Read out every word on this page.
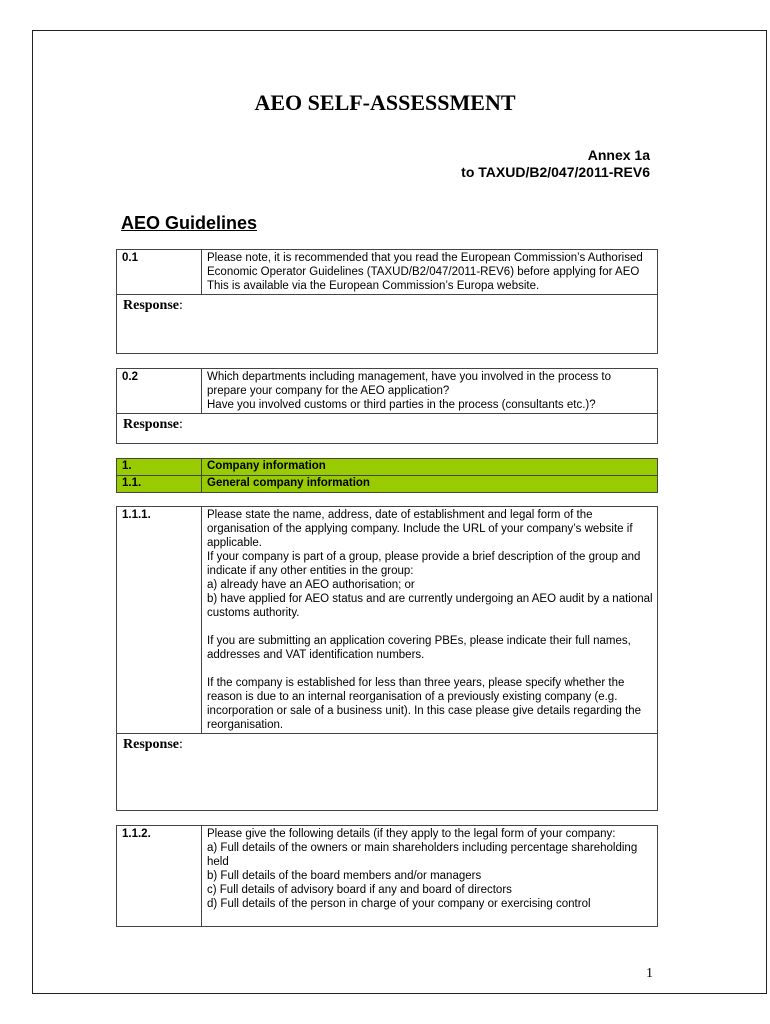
AEO SELF-ASSESSMENT
Annex 1a
to TAXUD/B2/047/2011-REV6
AEO Guidelines
0.1	Please note, it is recommended that you read the European Commission’s Authorised Economic Operator Guidelines (TAXUD/B2/047/2011-REV6) before applying for AEO This is available via the European Commission’s Europa website.

Response:
0.2	Which departments including management, have you involved in the process to prepare your company for the AEO application?

Have you involved customs or third parties in the process (consultants etc.)?

Response:
1.	Company information
1.1.	General company information
1.1.1.	Please state the name, address, date of establishment and legal form of the organisation of the applying company. Include the URL of your company’s website if applicable.

If your company is part of a group, please provide a brief description of the group and indicate if any other entities in the group:

a) already have an AEO authorisation; or

b) have applied for AEO status and are currently undergoing an AEO audit by a national customs authority.

If you are submitting an application covering PBEs, please indicate their full names, addresses and VAT identification numbers.

If the company is established for less than three years, please specify whether the reason is due to an internal reorganisation of a previously existing company (e.g. incorporation or sale of a business unit). In this case please give details regarding the reorganisation.

Response:
1.1.2.	Please give the following details (if they apply to the legal form of your company:

a) Full details of the owners or main shareholders including percentage shareholding held

b) Full details of the board members and/or managers

c) Full details of advisory board if any and board of directors

d) Full details of the person in charge of your company or exercising control

1
